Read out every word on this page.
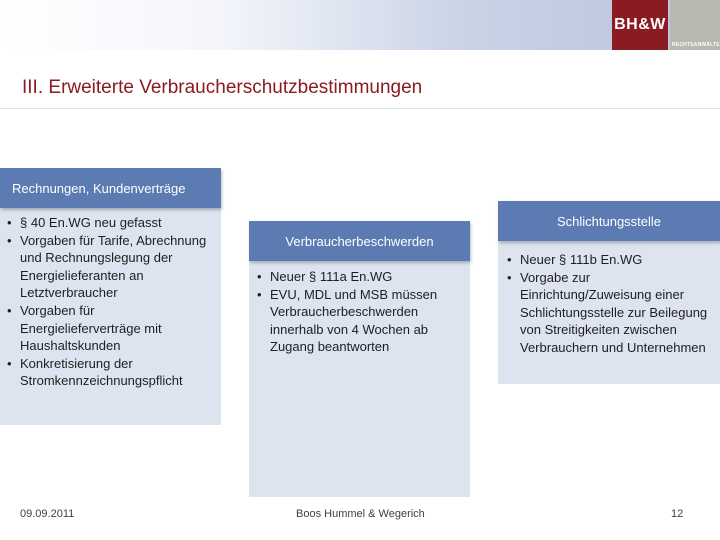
BH&W
RECHTSANWÄLTE
III. Erweiterte Verbraucherschutzbestimmungen
Rechnungen, Kundenverträge
• § 40 En.WG neu gefasst
• Vorgaben für Tarife, Abrechnung und Rechnungslegung der Energielieferanten an Letztverbraucher
• Vorgaben für Energielieferverträge mit Haushaltskunden
• Konkretisierung der Stromkennzeichnungspflicht
Verbraucherbeschwerden
• Neuer § 111a En.WG
• EVU, MDL und MSB müssen Verbraucherbeschwerden innerhalb von 4 Wochen ab Zugang beantworten
Schlichtungsstelle
• Neuer § 111b En.WG
• Vorgabe zur Einrichtung/Zuweisung einer Schlichtungsstelle zur Beilegung von Streitigkeiten zwischen Verbrauchern und Unternehmen
09.09.2011	Boos Hummel & Wegerich	12
